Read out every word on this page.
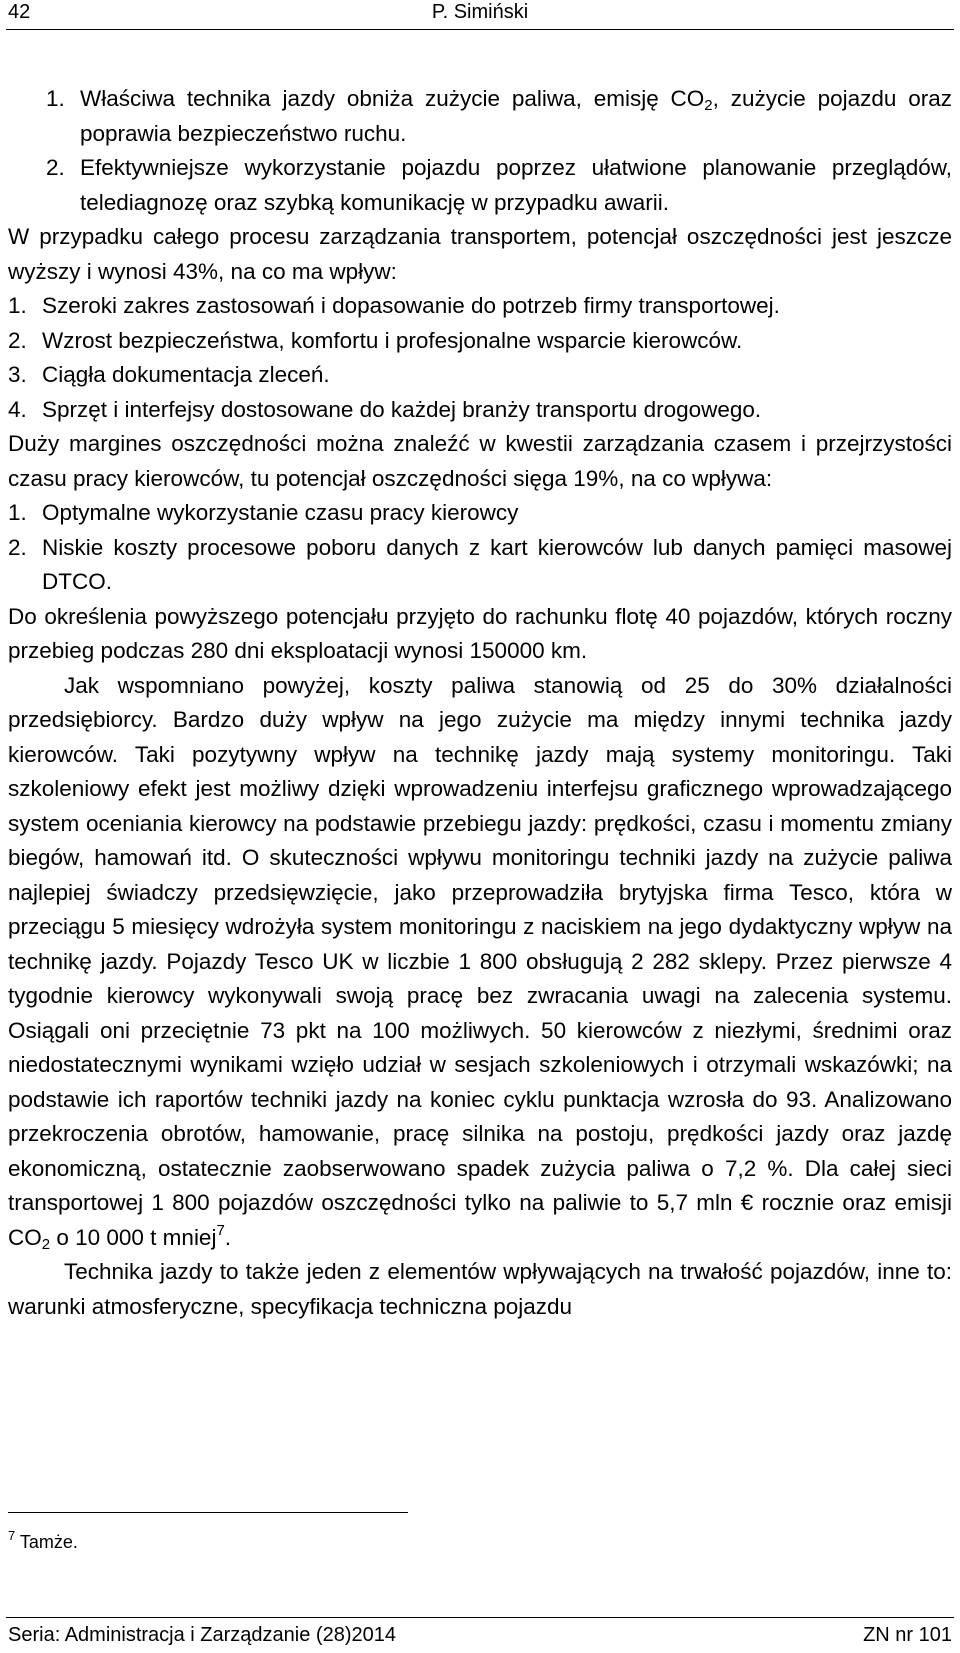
42	P. Simiński
1. Właściwa technika jazdy obniża zużycie paliwa, emisję $CO_2$, zużycie pojazdu oraz poprawia bezpieczeństwo ruchu.
2. Efektywniejsze wykorzystanie pojazdu poprzez ułatwione planowanie przeglądów, telediagnozę oraz szybką komunikację w przypadku awarii.

W przypadku całego procesu zarządzania transportem, potencjał oszczędności jest jeszcze wyższy i wynosi 43%, na co ma wpływ:

1. Szeroki zakres zastosowań i dopasowanie do potrzeb firmy transportowej.
2. Wzrost bezpieczeństwa, komfortu i profesjonalne wsparcie kierowców.
3. Ciągła dokumentacja zleceń.
4. Sprzęt i interfejsy dostosowane do każdej branży transportu drogowego.

Duży margines oszczędności można znaleźć w kwestii zarządzania czasem i przejrzystości czasu pracy kierowców, tu potencjał oszczędności sięga 19%, na co wpływa:

1. Optymalne wykorzystanie czasu pracy kierowcy
2. Niskie koszty procesowe poboru danych z kart kierowców lub danych pamięci masowej DTCO.

Do określenia powyższego potencjału przyjęto do rachunku flotę 40 pojazdów, których roczny przebieg podczas 280 dni eksploatacji wynosi 150000 km.

Jak wspomniano powyżej, koszty paliwa stanowią od 25 do 30% działalności przedsiębiorcy. Bardzo duży wpływ na jego zużycie ma między innymi technika jazdy kierowców. Taki pozytywny wpływ na technikę jazdy mają systemy monitoringu. Taki szkoleniowy efekt jest możliwy dzięki wprowadzeniu interfejsu graficznego wprowadzającego system oceniania kierowcy na podstawie przebiegu jazdy: prędkości, czasu i momentu zmiany biegów, hamowań itd. O skuteczności wpływu monitoringu techniki jazdy na zużycie paliwa najlepiej świadczy przedsięwzięcie, jako przeprowadziła brytyjska firma Tesco, która w przeciągu 5 miesięcy wdrożyła system monitoringu z naciskiem na jego dydaktyczny wpływ na technikę jazdy. Pojazdy Tesco UK w liczbie 1 800 obsługują 2 282 sklepy. Przez pierwsze 4 tygodnie kierowcy wykonywali swoją pracę bez zwracania uwagi na zalecenia systemu. Osiągali oni przeciętnie 73 pkt na 100 możliwych. 50 kierowców z niezłymi, średnimi oraz niedostatecznymi wynikami wzięło udział w sesjach szkoleniowych i otrzymali wskazówki; na podstawie ich raportów techniki jazdy na koniec cyklu punktacja wzrosła do 93. Analizowano przekroczenia obrotów, hamowanie, pracę silnika na postoju, prędkości jazdy oraz jazdę ekonomiczną, ostatecznie zaobserwowano spadek zużycia paliwa o 7,2 %. Dla całej sieci transportowej 1 800 pojazdów oszczędności tylko na paliwie to 5,7 mln € rocznie oraz emisji $CO_2$ o 10 000 t mniej$^7$.

Technika jazdy to także jeden z elementów wpływających na trwałość pojazdów, inne to: warunki atmosferyczne, specyfikacja techniczna pojazdu

$^7$ Tamże.
Seria: Administracja i Zarządzanie (28)2014	ZN nr 101
